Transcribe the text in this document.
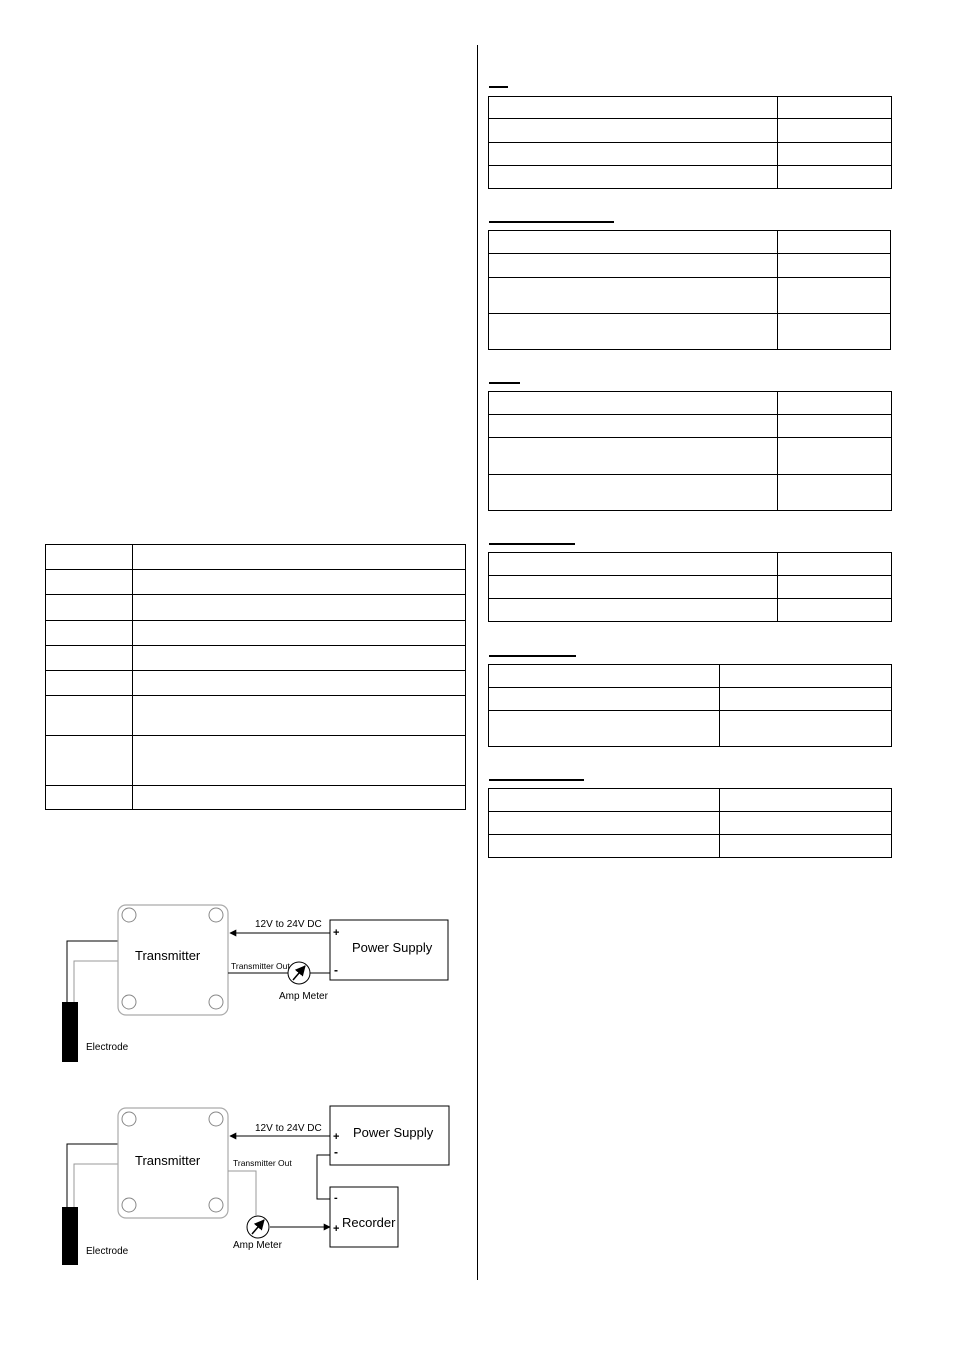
Electrode
Transmitter
12V to 24V DC
Power Supply
+
-
Transmitter Out
Amp Meter
Electrode
Transmitter
12V to 24V DC Power Supply
+
-
Transmitter Out
Amp Meter
Recorder
-
+
